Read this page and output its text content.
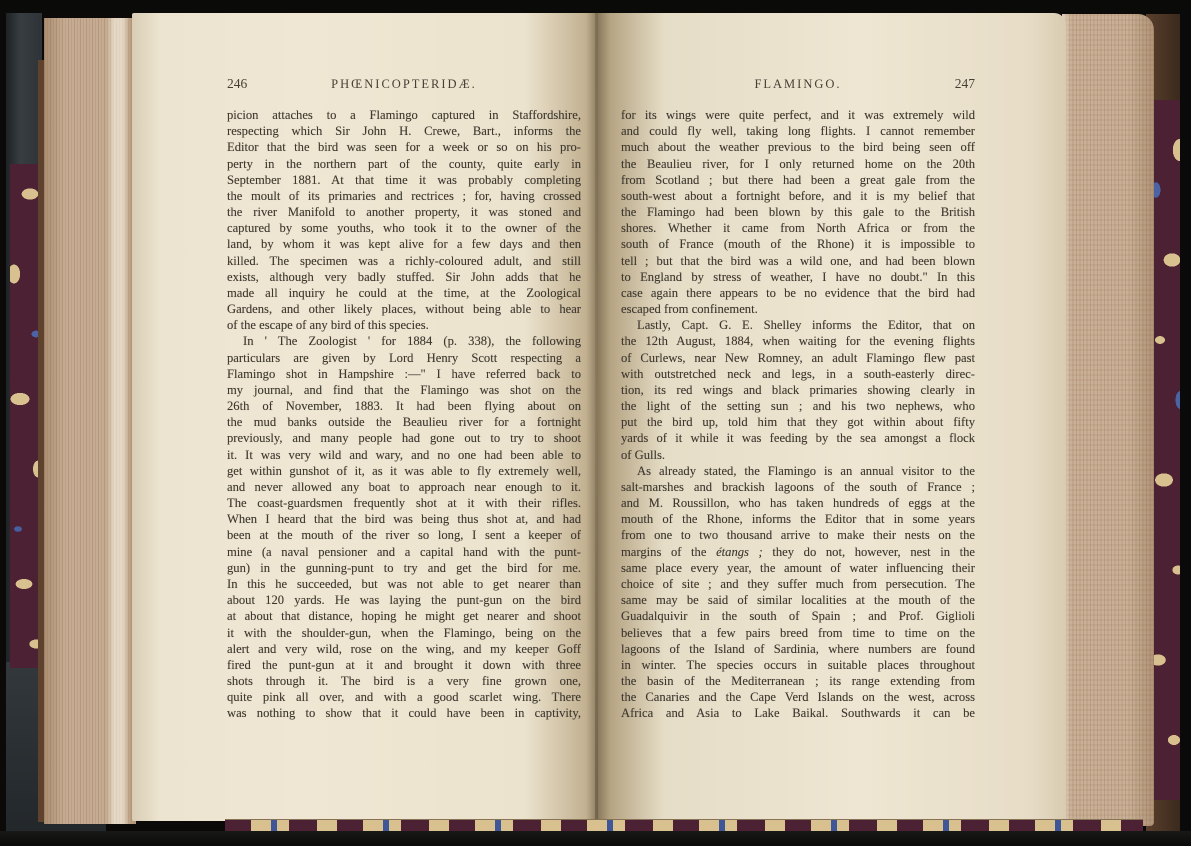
246	PHŒNICOPTERIDÆ.
picion attaches to a Flamingo captured in Staffordshire,
respecting which Sir John H. Crewe, Bart., informs the
Editor that the bird was seen for a week or so on his pro-
perty in the northern part of the county, quite early in
September 1881. At that time it was probably completing
the moult of its primaries and rectrices ; for, having crossed
the river Manifold to another property, it was stoned and
captured by some youths, who took it to the owner of the
land, by whom it was kept alive for a few days and then
killed. The specimen was a richly-coloured adult, and still
exists, although very badly stuffed. Sir John adds that he
made all inquiry he could at the time, at the Zoological
Gardens, and other likely places, without being able to hear
of the escape of any bird of this species.
In ' The Zoologist ' for 1884 (p. 338), the following
particulars are given by Lord Henry Scott respecting a
Flamingo shot in Hampshire :—" I have referred back to
my journal, and find that the Flamingo was shot on the
26th of November, 1883. It had been flying about on
the mud banks outside the Beaulieu river for a fortnight
previously, and many people had gone out to try to shoot
it. It was very wild and wary, and no one had been able to
get within gunshot of it, as it was able to fly extremely well,
and never allowed any boat to approach near enough to it.
The coast-guardsmen frequently shot at it with their rifles.
When I heard that the bird was being thus shot at, and had
been at the mouth of the river so long, I sent a keeper of
mine (a naval pensioner and a capital hand with the punt-
gun) in the gunning-punt to try and get the bird for me.
In this he succeeded, but was not able to get nearer than
about 120 yards. He was laying the punt-gun on the bird
at about that distance, hoping he might get nearer and shoot
it with the shoulder-gun, when the Flamingo, being on the
alert and very wild, rose on the wing, and my keeper Goff
fired the punt-gun at it and brought it down with three
shots through it. The bird is a very fine grown one,
quite pink all over, and with a good scarlet wing. There
was nothing to show that it could have been in captivity,
FLAMINGO.	247
for its wings were quite perfect, and it was extremely wild
and could fly well, taking long flights. I cannot remember
much about the weather previous to the bird being seen off
the Beaulieu river, for I only returned home on the 20th
from Scotland ; but there had been a great gale from the
south-west about a fortnight before, and it is my belief that
the Flamingo had been blown by this gale to the British
shores. Whether it came from North Africa or from the
south of France (mouth of the Rhone) it is impossible to
tell ; but that the bird was a wild one, and had been blown
to England by stress of weather, I have no doubt." In this
case again there appears to be no evidence that the bird had
escaped from confinement.
Lastly, Capt. G. E. Shelley informs the Editor, that on
the 12th August, 1884, when waiting for the evening flights
of Curlews, near New Romney, an adult Flamingo flew past
with outstretched neck and legs, in a south-easterly direc-
tion, its red wings and black primaries showing clearly in
the light of the setting sun ; and his two nephews, who
put the bird up, told him that they got within about fifty
yards of it while it was feeding by the sea amongst a flock
of Gulls.
As already stated, the Flamingo is an annual visitor to the
salt-marshes and brackish lagoons of the south of France ;
and M. Roussillon, who has taken hundreds of eggs at the
mouth of the Rhone, informs the Editor that in some years
from one to two thousand arrive to make their nests on the
margins of the étangs ; they do not, however, nest in the
same place every year, the amount of water influencing their
choice of site ; and they suffer much from persecution. The
same may be said of similar localities at the mouth of the
Guadalquivir in the south of Spain ; and Prof. Giglioli
believes that a few pairs breed from time to time on the
lagoons of the Island of Sardinia, where numbers are found
in winter. The species occurs in suitable places throughout
the basin of the Mediterranean ; its range extending from
the Canaries and the Cape Verd Islands on the west, across
Africa and Asia to Lake Baikal. Southwards it can be
